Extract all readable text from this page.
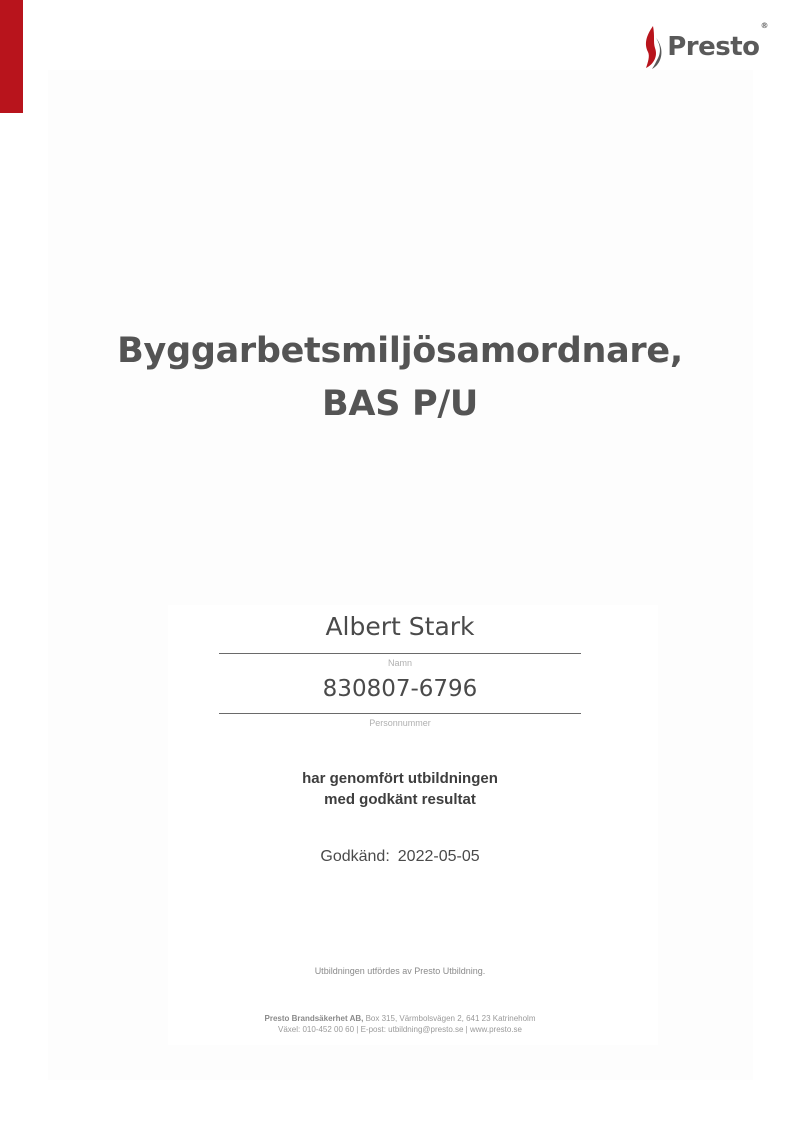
Presto®
Byggarbetsmiljösamordnare,
BAS P/U
Albert Stark
Namn
830807-6796
Personnummer
har genomfört utbildningen
med godkänt resultat
Godkänd: 2022-05-05
Utbildningen utfördes av Presto Utbildning.
Presto Brandsäkerhet AB, Box 315, Värmbolsvägen 2, 641 23 Katrineholm
Växel: 010-452 00 60 | E-post: utbildning@presto.se | www.presto.se
